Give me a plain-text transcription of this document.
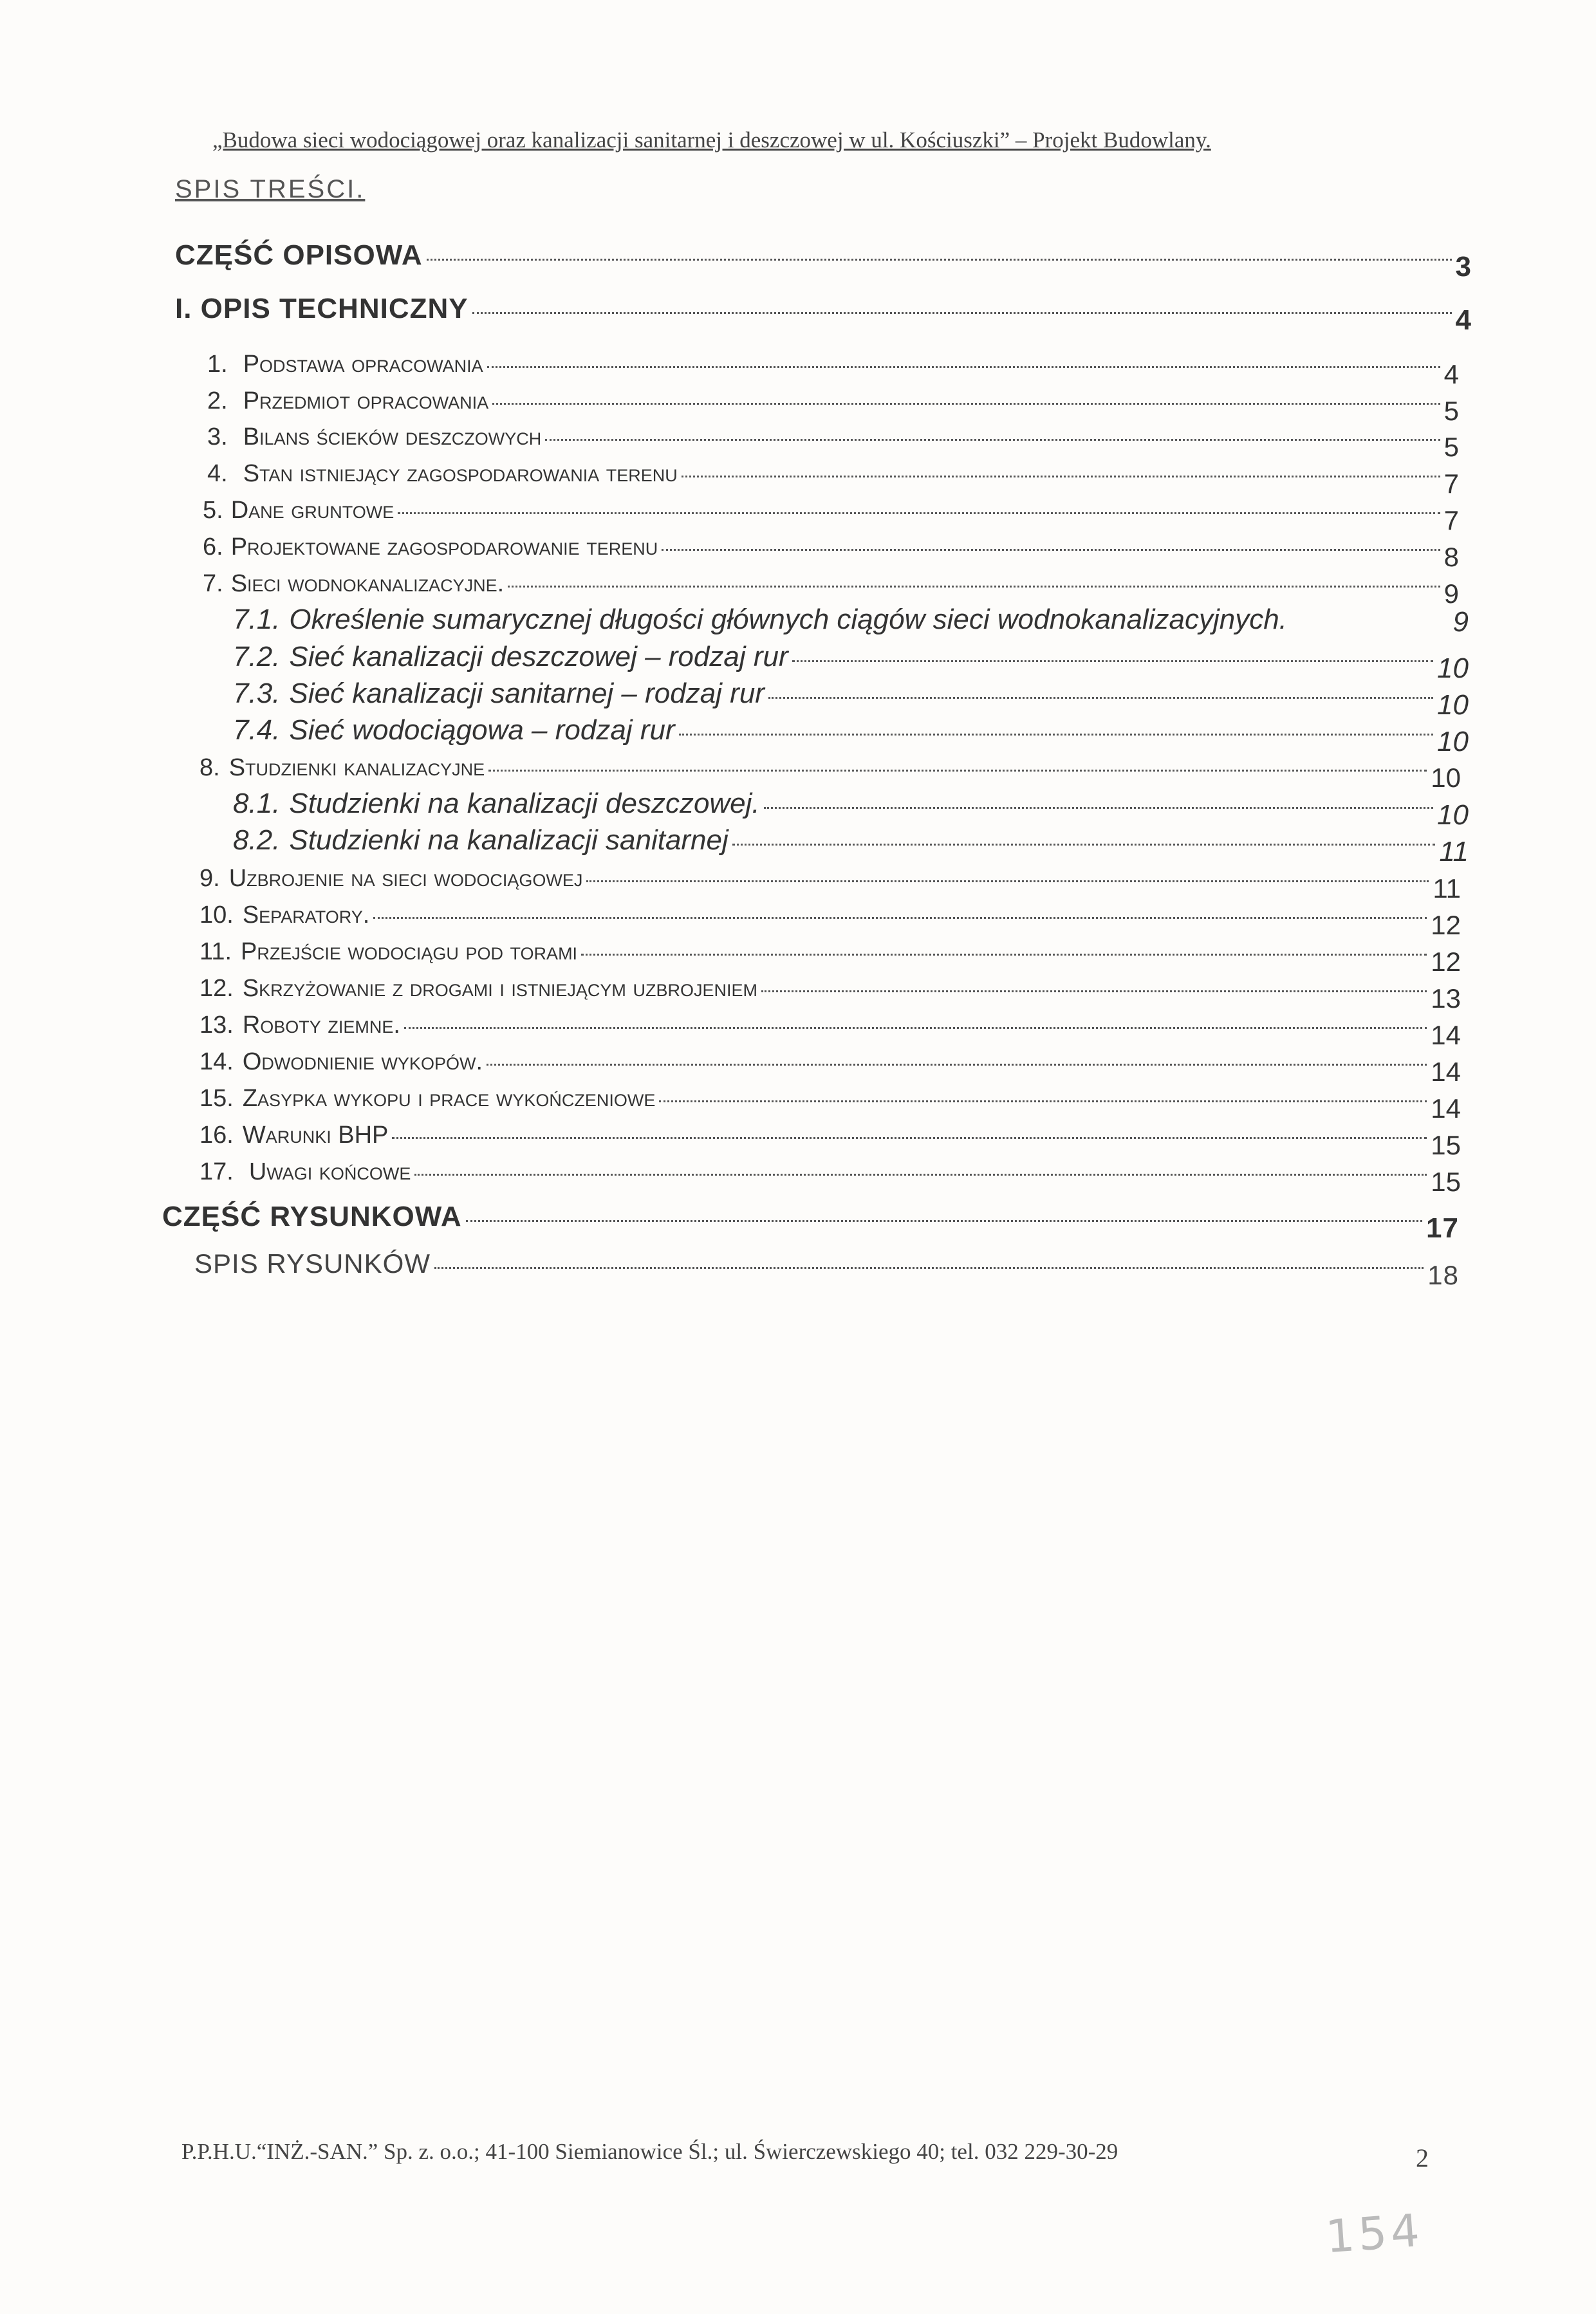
„Budowa sieci wodociągowej oraz kanalizacji sanitarnej i deszczowej w ul. Kościuszki” – Projekt Budowlany.
SPIS TREŚCI.
CZĘŚĆ OPISOWA	3
I. OPIS TECHNICZNY	4
1. Podstawa opracowania	4
2. Przedmiot opracowania	5
3. Bilans ścieków deszczowych	5
4. Stan istniejący zagospodarowania terenu	7
5. Dane gruntowe	7
6. Projektowane zagospodarowanie terenu	8
7. Sieci wodnokanalizacyjne.	9
7.1. Określenie sumarycznej długości głównych ciągów sieci wodnokanalizacyjnych.	9
7.2. Sieć kanalizacji deszczowej – rodzaj rur	10
7.3. Sieć kanalizacji sanitarnej – rodzaj rur	10
7.4. Sieć wodociągowa – rodzaj rur	10
8. Studzienki kanalizacyjne	10
8.1. Studzienki na kanalizacji deszczowej.	10
8.2. Studzienki na kanalizacji sanitarnej	11
9. Uzbrojenie na sieci wodociągowej	11
10. Separatory.	12
11. Przejście wodociągu pod torami	12
12. Skrzyżowanie z drogami i istniejącym uzbrojeniem	13
13. Roboty ziemne.	14
14. Odwodnienie wykopów.	14
15. Zasypka wykopu i prace wykończeniowe	14
16. Warunki BHP	15
17. Uwagi końcowe	15
CZĘŚĆ RYSUNKOWA	17
SPIS RYSUNKÓW	18
P.P.H.U.“INŻ.-SAN.” Sp. z. o.o.; 41-100 Siemianowice Śl.; ul. Świerczewskiego 40; tel. 032 229-30-29	2
154
